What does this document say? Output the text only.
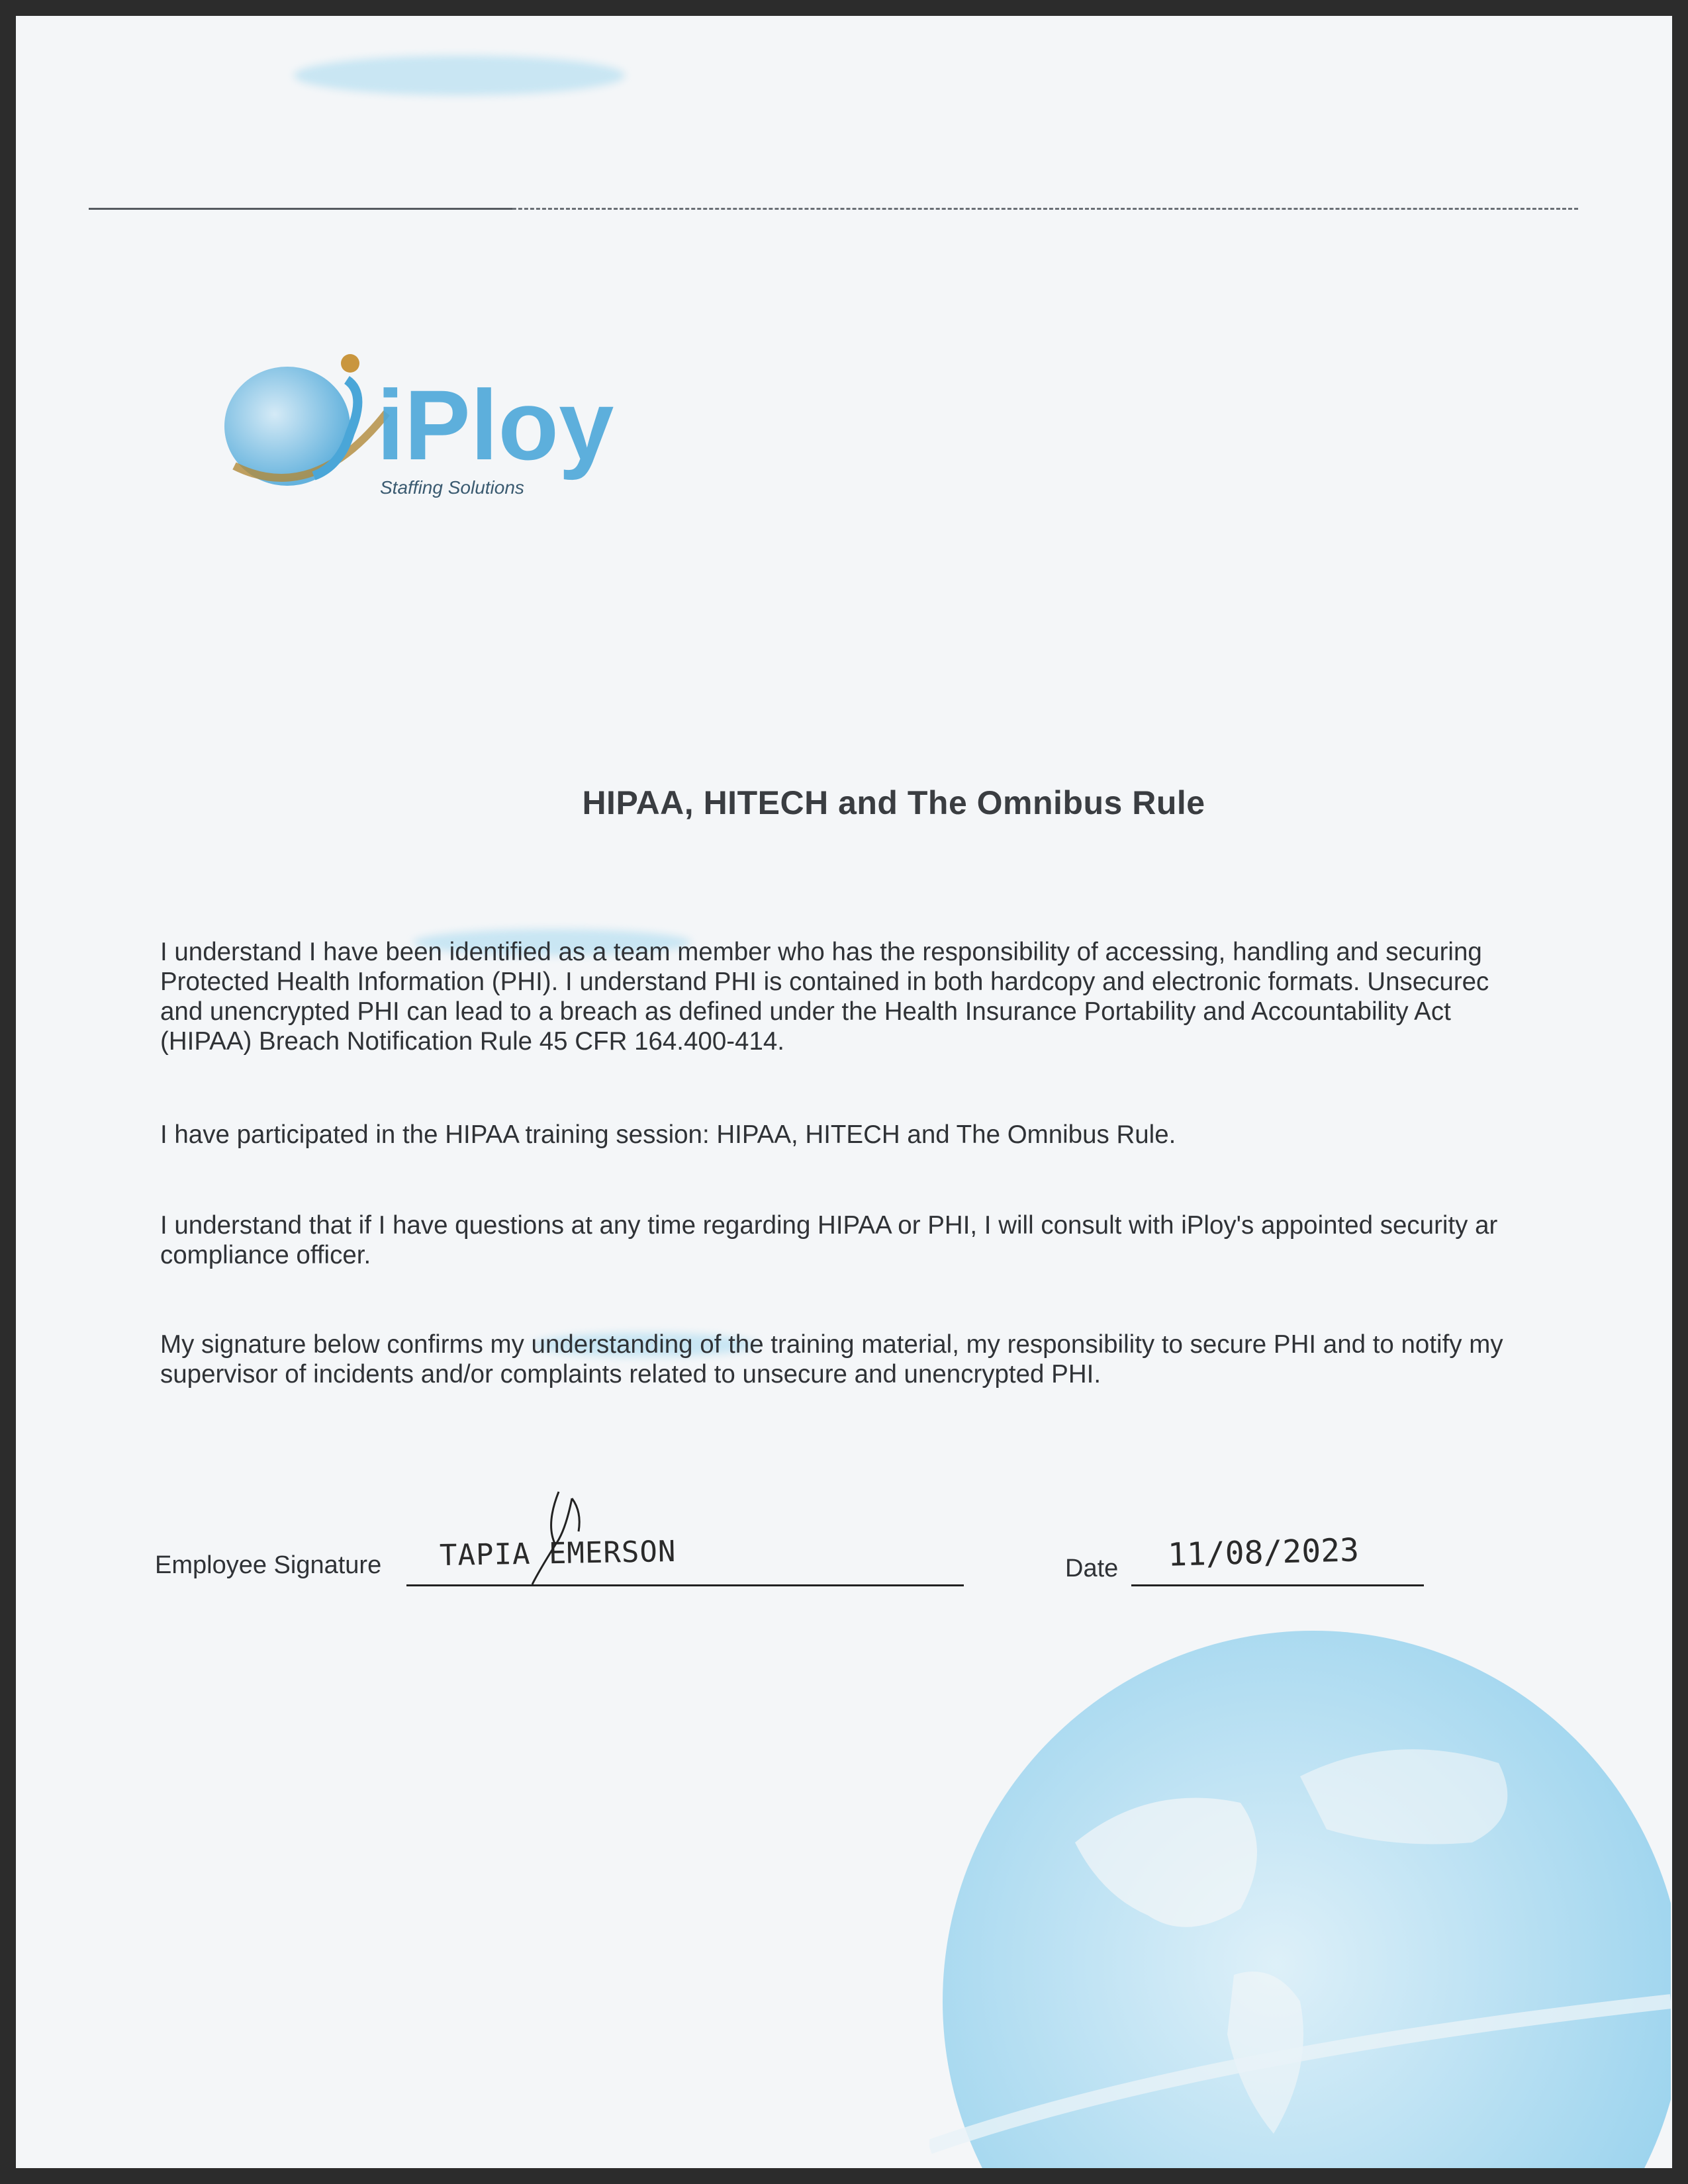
iPloy
Staffing Solutions
HIPAA, HITECH and The Omnibus Rule
I understand I have been identified as a team member who has the responsibility of accessing, handling and securing
Protected Health Information (PHI). I understand PHI is contained in both hardcopy and electronic formats. Unsecurec
and unencrypted PHI can lead to a breach as defined under the Health Insurance Portability and Accountability Act
(HIPAA) Breach Notification Rule 45 CFR 164.400-414.
I have participated in the HIPAA training session: HIPAA, HITECH and The Omnibus Rule.
I understand that if I have questions at any time regarding HIPAA or PHI, I will consult with iPloy's appointed security ar
compliance officer.
My signature below confirms my understanding of the training material, my responsibility to secure PHI and to notify my
supervisor of incidents and/or complaints related to unsecure and unencrypted PHI.
Employee Signature TAPIA EMERSON	Date 11/08/2023
